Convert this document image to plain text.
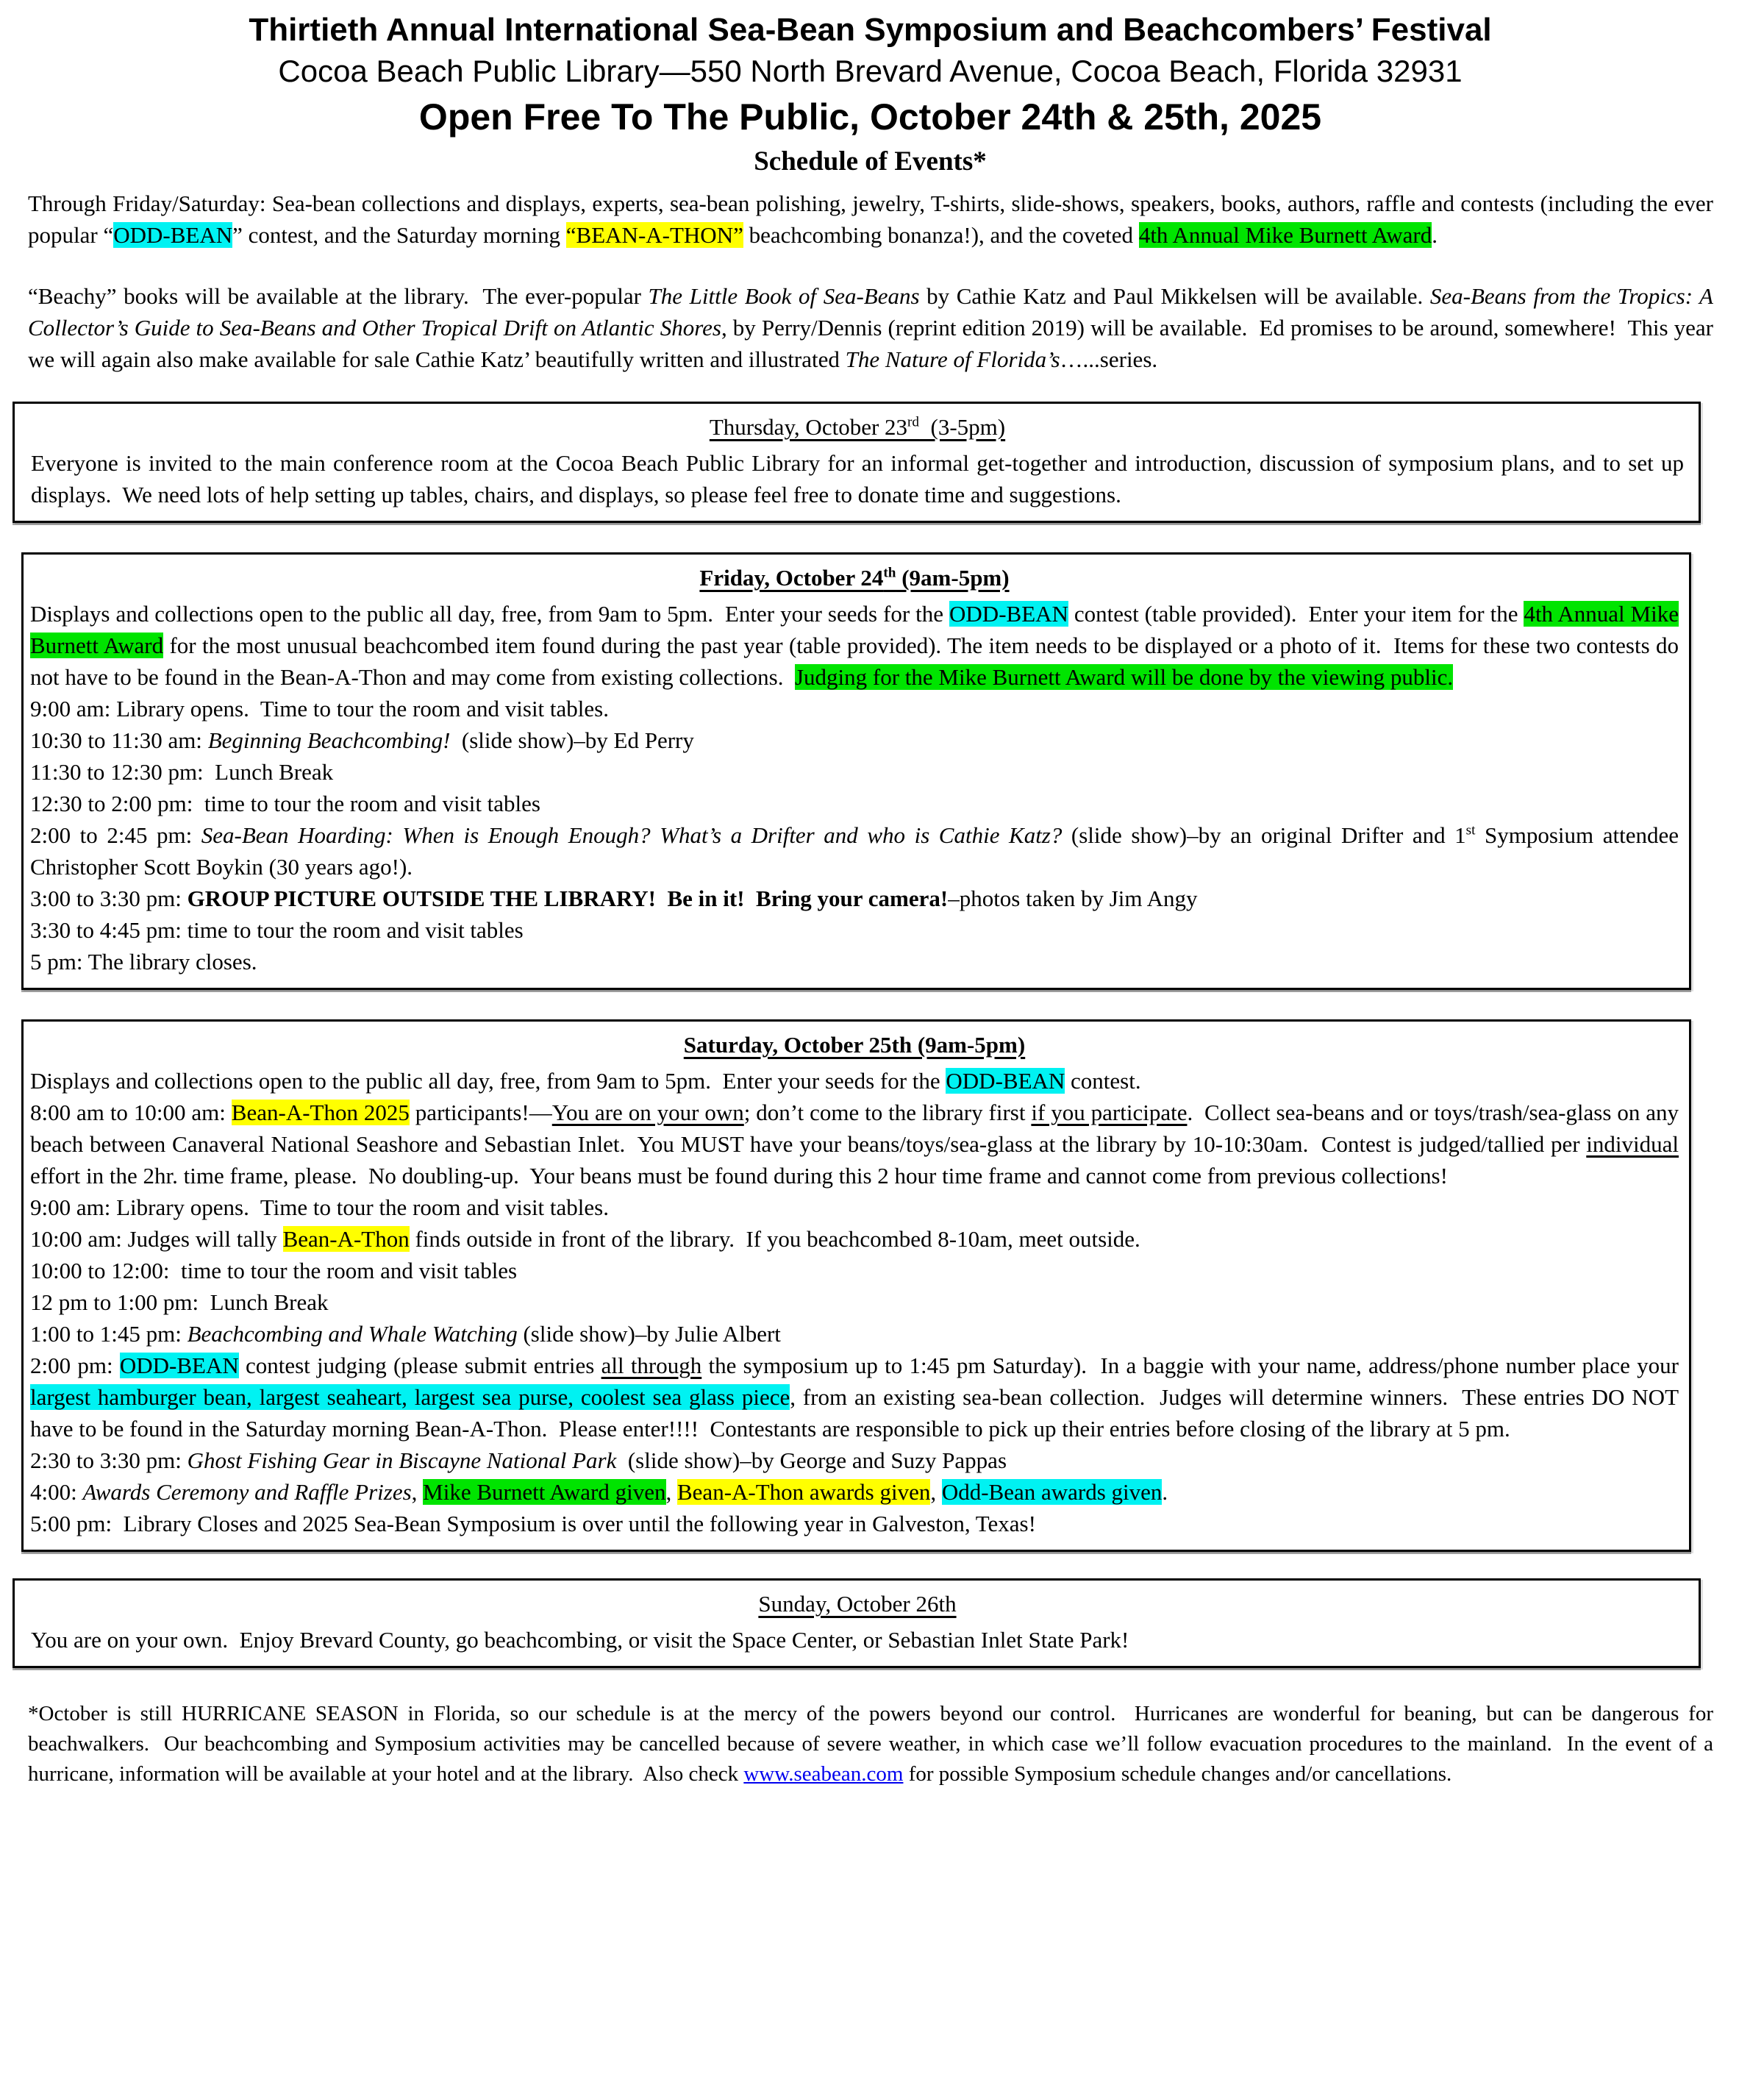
Thirtieth Annual International Sea-Bean Symposium and Beachcombers’ Festival
Cocoa Beach Public Library—550 North Brevard Avenue, Cocoa Beach, Florida 32931
Open Free To The Public, October 24th & 25th, 2025
Schedule of Events*

Through Friday/Saturday: Sea-bean collections and displays, experts, sea-bean polishing, jewelry, T-shirts, slide-shows, speakers, books, authors, raffle and contests (including the ever popular “ODD-BEAN” contest, and the Saturday morning “BEAN-A-THON” beachcombing bonanza!), and the coveted 4th Annual Mike Burnett Award.

“Beachy” books will be available at the library.  The ever-popular The Little Book of Sea-Beans by Cathie Katz and Paul Mikkelsen will be available. Sea-Beans from the Tropics: A Collector’s Guide to Sea-Beans and Other Tropical Drift on Atlantic Shores, by Perry/Dennis (reprint edition 2019) will be available.  Ed promises to be around, somewhere!  This year we will again also make available for sale Cathie Katz’ beautifully written and illustrated The Nature of Florida’s…...series.

Thursday, October 23rd  (3-5pm)

Everyone is invited to the main conference room at the Cocoa Beach Public Library for an informal get-together and introduction, discussion of symposium plans, and to set up displays.  We need lots of help setting up tables, chairs, and displays, so please feel free to donate time and suggestions.

Friday, October 24th (9am-5pm)

Displays and collections open to the public all day, free, from 9am to 5pm.  Enter your seeds for the ODD-BEAN contest (table provided).  Enter your item for the 4th Annual Mike Burnett Award for the most unusual beachcombed item found during the past year (table provided). The item needs to be displayed or a photo of it.  Items for these two contests do not have to be found in the Bean-A-Thon and may come from existing collections.  Judging for the Mike Burnett Award will be done by the viewing public.

9:00 am: Library opens.  Time to tour the room and visit tables.

10:30 to 11:30 am: Beginning Beachcombing!  (slide show)–by Ed Perry

11:30 to 12:30 pm:  Lunch Break

12:30 to 2:00 pm:  time to tour the room and visit tables

2:00 to 2:45 pm: Sea-Bean Hoarding: When is Enough Enough? What’s a Drifter and who is Cathie Katz? (slide show)–by an original Drifter and 1st Symposium attendee Christopher Scott Boykin (30 years ago!).

3:00 to 3:30 pm: GROUP PICTURE OUTSIDE THE LIBRARY!  Be in it!  Bring your camera!–photos taken by Jim Angy

3:30 to 4:45 pm: time to tour the room and visit tables

5 pm: The library closes.

Saturday, October 25th (9am-5pm)

Displays and collections open to the public all day, free, from 9am to 5pm.  Enter your seeds for the ODD-BEAN contest.

8:00 am to 10:00 am: Bean-A-Thon 2025 participants!—You are on your own; don’t come to the library first if you participate.  Collect sea-beans and or toys/trash/sea-glass on any beach between Canaveral National Seashore and Sebastian Inlet.  You MUST have your beans/toys/sea-glass at the library by 10-10:30am.  Contest is judged/tallied per individual effort in the 2hr. time frame, please.  No doubling-up.  Your beans must be found during this 2 hour time frame and cannot come from previous collections!

9:00 am: Library opens.  Time to tour the room and visit tables.

10:00 am: Judges will tally Bean-A-Thon finds outside in front of the library.  If you beachcombed 8-10am, meet outside.

10:00 to 12:00:  time to tour the room and visit tables

12 pm to 1:00 pm:  Lunch Break

1:00 to 1:45 pm: Beachcombing and Whale Watching (slide show)–by Julie Albert

2:00 pm: ODD-BEAN contest judging (please submit entries all through the symposium up to 1:45 pm Saturday).  In a baggie with your name, address/phone number place your largest hamburger bean, largest seaheart, largest sea purse, coolest sea glass piece, from an existing sea-bean collection.  Judges will determine winners.  These entries DO NOT have to be found in the Saturday morning Bean-A-Thon.  Please enter!!!!  Contestants are responsible to pick up their entries before closing of the library at 5 pm.

2:30 to 3:30 pm: Ghost Fishing Gear in Biscayne National Park  (slide show)–by George and Suzy Pappas

4:00: Awards Ceremony and Raffle Prizes, Mike Burnett Award given, Bean-A-Thon awards given, Odd-Bean awards given.

5:00 pm:  Library Closes and 2025 Sea-Bean Symposium is over until the following year in Galveston, Texas!

Sunday, October 26th

You are on your own.  Enjoy Brevard County, go beachcombing, or visit the Space Center, or Sebastian Inlet State Park!

*October is still HURRICANE SEASON in Florida, so our schedule is at the mercy of the powers beyond our control.  Hurricanes are wonderful for beaning, but can be dangerous for beachwalkers.  Our beachcombing and Symposium activities may be cancelled because of severe weather, in which case we’ll follow evacuation procedures to the mainland.  In the event of a hurricane, information will be available at your hotel and at the library.  Also check www.seabean.com for possible Symposium schedule changes and/or cancellations.
